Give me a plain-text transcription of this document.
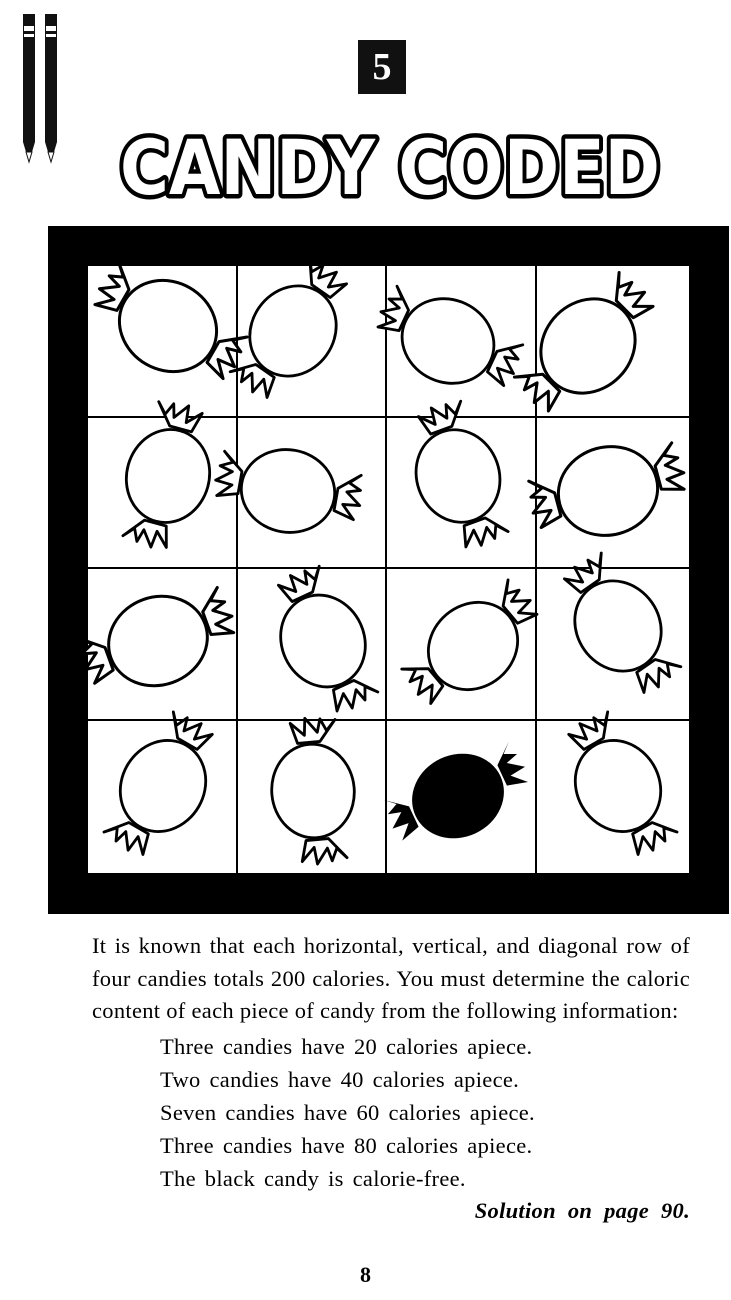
5
CANDY CODED

It is known that each horizontal, vertical, and diagonal row of four candies totals 200 calories. You must determine the caloric content of each piece of candy from the following information:

Three candies have 20 calories apiece.
Two candies have 40 calories apiece.
Seven candies have 60 calories apiece.
Three candies have 80 calories apiece.
The black candy is calorie-free.
Solution on page 90.
8
